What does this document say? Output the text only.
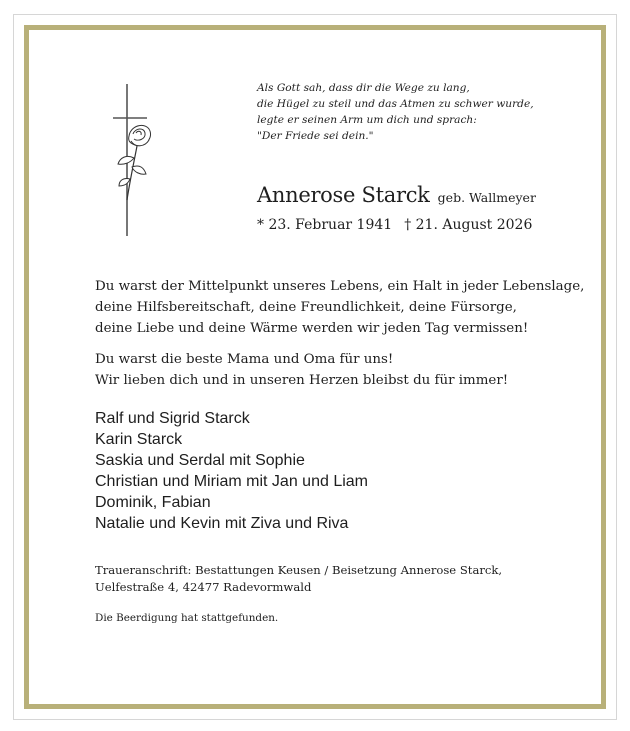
Als Gott sah, dass dir die Wege zu lang,
die Hügel zu steil und das Atmen zu schwer wurde,
legte er seinen Arm um dich und sprach:
"Der Friede sei dein."
Annerose Starck geb. Wallmeyer
* 23. Februar 1941 † 21. August 2026
Du warst der Mittelpunkt unseres Lebens, ein Halt in jeder Lebenslage,
deine Hilfsbereitschaft, deine Freundlichkeit, deine Fürsorge,
deine Liebe und deine Wärme werden wir jeden Tag vermissen!
Du warst die beste Mama und Oma für uns!
Wir lieben dich und in unseren Herzen bleibst du für immer!
Ralf und Sigrid Starck
Karin Starck
Saskia und Serdal mit Sophie
Christian und Miriam mit Jan und Liam
Dominik, Fabian
Natalie und Kevin mit Ziva und Riva
Traueranschrift: Bestattungen Keusen / Beisetzung Annerose Starck,
Uelfestraße 4, 42477 Radevormwald
Die Beerdigung hat stattgefunden.
